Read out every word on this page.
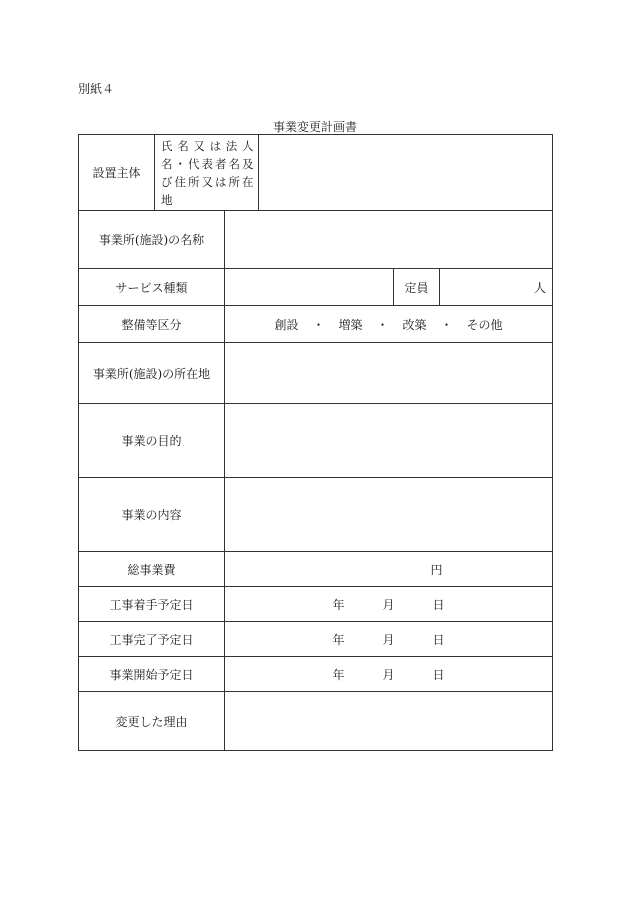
別紙４
事業変更計画書
設置主体	氏 名 又 は 法 人 名・代表者名及び住所又は所在地				
事業所(施設)の名称					
サービス種類				定員	人
整備等区分		創設 ・ 増築 ・ 改築 ・ その他			
事業所(施設)の所在地					
事業の目的					
事業の内容					
総事業費		円			
工事着手予定日		年 月 日			
工事完了予定日		年 月 日			
事業開始予定日		年 月 日			
変更した理由					
